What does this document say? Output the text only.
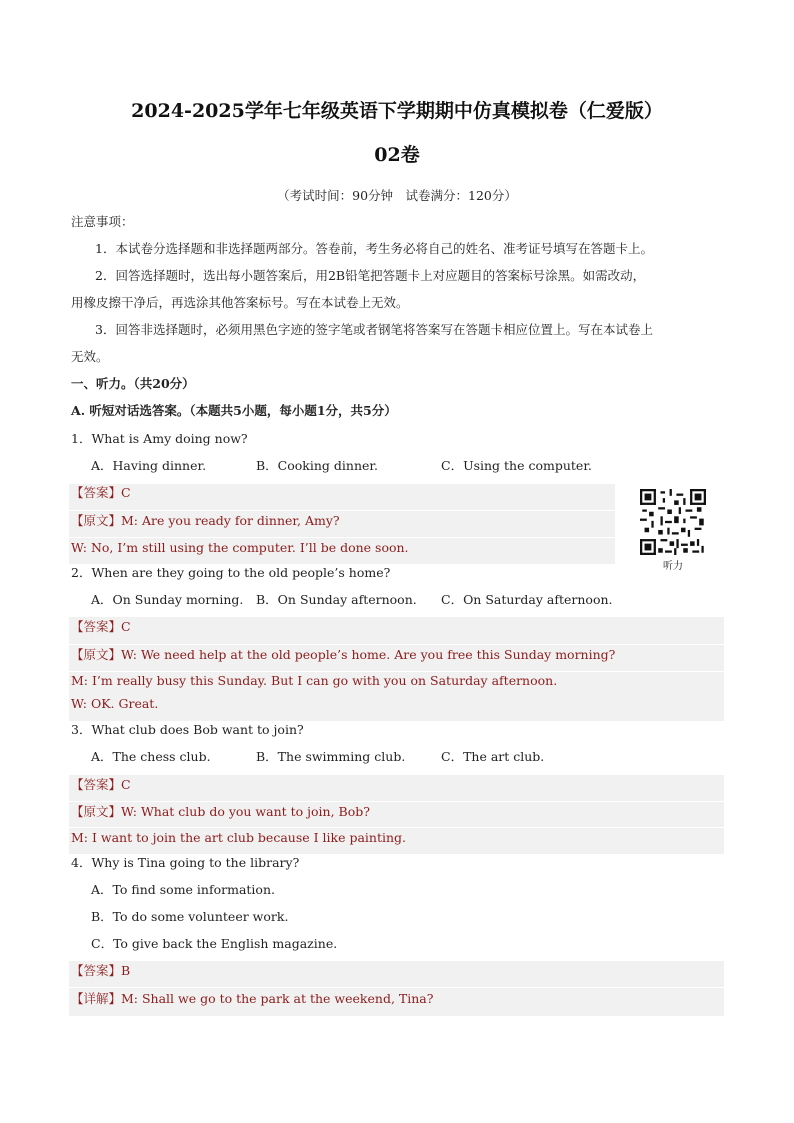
2024-2025学年七年级英语下学期期中仿真模拟卷（仁爱版）
02卷
（考试时间：90分钟　试卷满分：120分）
注意事项：
1．本试卷分选择题和非选择题两部分。答卷前，考生务必将自己的姓名、准考证号填写在答题卡上。
2．回答选择题时，选出每小题答案后，用2B铅笔把答题卡上对应题目的答案标号涂黑。如需改动，
用橡皮擦干净后，再选涂其他答案标号。写在本试卷上无效。
3．回答非选择题时，必须用黑色字迹的签字笔或者钢笔将答案写在答题卡相应位置上。写在本试卷上
无效。
一、听力。（共20分）
A. 听短对话选答案。（本题共5小题，每小题1分，共5分）
1．What is Amy doing now?
A．Having dinner.	B．Cooking dinner.	C．Using the computer.
【答案】C
【原文】M: Are you ready for dinner, Amy?
W: No, I’m still using the computer. I’ll be done soon.
听力
2．When are they going to the old people’s home?
A．On Sunday morning. B．On Sunday afternoon. C．On Saturday afternoon.
【答案】C
【原文】W: We need help at the old people’s home. Are you free this Sunday morning?
M: I’m really busy this Sunday. But I can go with you on Saturday afternoon.
W: OK. Great.
3．What club does Bob want to join?
A．The chess club.	B．The swimming club.	C．The art club.
【答案】C
【原文】W: What club do you want to join, Bob?
M: I want to join the art club because I like painting.
4．Why is Tina going to the library?
A．To find some information.
B．To do some volunteer work.
C．To give back the English magazine.
【答案】B
【详解】M: Shall we go to the park at the weekend, Tina?
